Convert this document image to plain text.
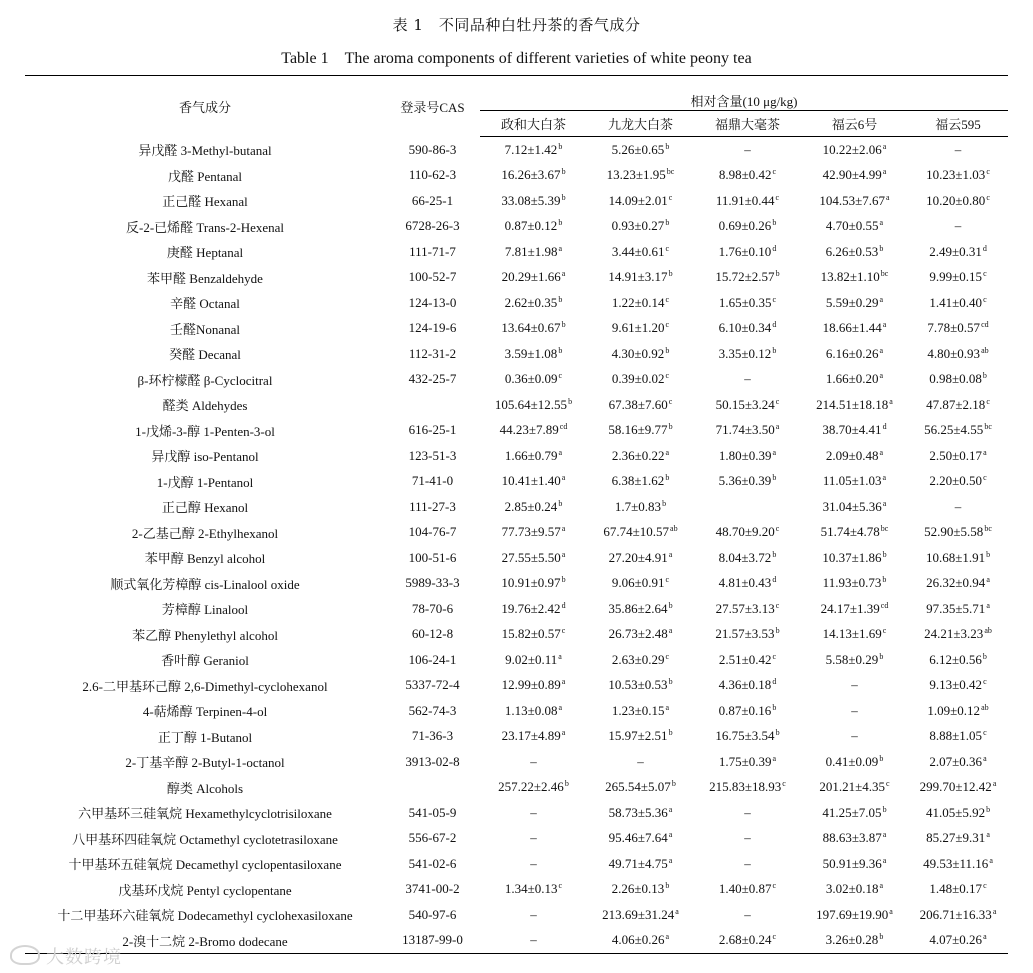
表 1　不同品种白牡丹茶的香气成分
Table 1　The aroma components of different varieties of white peony tea
香气成分	登录号CAS	相对含量(10 μg/kg)				
		政和大白茶	九龙大白茶	福鼎大毫茶	福云6号	福云595
异戊醛 3-Methyl-butanal	590-86-3	7.12±1.42$^b$	5.26±0.65$^b$	–	10.22±2.06$^a$	–
戊醛 Pentanal	110-62-3	16.26±3.67$^b$	13.23±1.95$^{bc}$	8.98±0.42$^c$	42.90±4.99$^a$	10.23±1.03$^c$
正己醛 Hexanal	66-25-1	33.08±5.39$^b$	14.09±2.01$^c$	11.91±0.44$^c$	104.53±7.67$^a$	10.20±0.80$^c$
反-2-已烯醛 Trans-2-Hexenal	6728-26-3	0.87±0.12$^b$	0.93±0.27$^b$	0.69±0.26$^b$	4.70±0.55$^a$	–
庚醛 Heptanal	111-71-7	7.81±1.98$^a$	3.44±0.61$^c$	1.76±0.10$^d$	6.26±0.53$^b$	2.49±0.31$^d$
苯甲醛 Benzaldehyde	100-52-7	20.29±1.66$^a$	14.91±3.17$^b$	15.72±2.57$^b$	13.82±1.10$^{bc}$	9.99±0.15$^c$
辛醛 Octanal	124-13-0	2.62±0.35$^b$	1.22±0.14$^c$	1.65±0.35$^c$	5.59±0.29$^a$	1.41±0.40$^c$
壬醛Nonanal	124-19-6	13.64±0.67$^b$	9.61±1.20$^c$	6.10±0.34$^d$	18.66±1.44$^a$	7.78±0.57$^{cd}$
癸醛 Decanal	112-31-2	3.59±1.08$^b$	4.30±0.92$^b$	3.35±0.12$^b$	6.16±0.26$^a$	4.80±0.93$^{ab}$
β-环柠檬醛 β-Cyclocitral	432-25-7	0.36±0.09$^c$	0.39±0.02$^c$	–	1.66±0.20$^a$	0.98±0.08$^b$
醛类 Aldehydes		105.64±12.55$^b$	67.38±7.60$^c$	50.15±3.24$^c$	214.51±18.18$^a$	47.87±2.18$^c$
1-戊烯-3-醇 1-Penten-3-ol	616-25-1	44.23±7.89$^{cd}$	58.16±9.77$^b$	71.74±3.50$^a$	38.70±4.41$^d$	56.25±4.55$^{bc}$
异戊醇 iso-Pentanol	123-51-3	1.66±0.79$^a$	2.36±0.22$^a$	1.80±0.39$^a$	2.09±0.48$^a$	2.50±0.17$^a$
1-戊醇 1-Pentanol	71-41-0	10.41±1.40$^a$	6.38±1.62$^b$	5.36±0.39$^b$	11.05±1.03$^a$	2.20±0.50$^c$
正己醇 Hexanol	111-27-3	2.85±0.24$^b$	1.7±0.83$^b$		31.04±5.36$^a$	–
2-乙基己醇 2-Ethylhexanol	104-76-7	77.73±9.57$^a$	67.74±10.57$^{ab}$	48.70±9.20$^c$	51.74±4.78$^{bc}$	52.90±5.58$^{bc}$
苯甲醇 Benzyl alcohol	100-51-6	27.55±5.50$^a$	27.20±4.91$^a$	8.04±3.72$^b$	10.37±1.86$^b$	10.68±1.91$^b$
顺式氧化芳樟醇 cis-Linalool oxide	5989-33-3	10.91±0.97$^b$	9.06±0.91$^c$	4.81±0.43$^d$	11.93±0.73$^b$	26.32±0.94$^a$
芳樟醇 Linalool	78-70-6	19.76±2.42$^d$	35.86±2.64$^b$	27.57±3.13$^c$	24.17±1.39$^{cd}$	97.35±5.71$^a$
苯乙醇 Phenylethyl alcohol	60-12-8	15.82±0.57$^c$	26.73±2.48$^a$	21.57±3.53$^b$	14.13±1.69$^c$	24.21±3.23$^{ab}$
香叶醇 Geraniol	106-24-1	9.02±0.11$^a$	2.63±0.29$^c$	2.51±0.42$^c$	5.58±0.29$^b$	6.12±0.56$^b$
2.6-二甲基环己醇 2,6-Dimethyl-cyclohexanol	5337-72-4	12.99±0.89$^a$	10.53±0.53$^b$	4.36±0.18$^d$	–	9.13±0.42$^c$
4-萜烯醇 Terpinen-4-ol	562-74-3	1.13±0.08$^a$	1.23±0.15$^a$	0.87±0.16$^b$	–	1.09±0.12$^{ab}$
正丁醇 1-Butanol	71-36-3	23.17±4.89$^a$	15.97±2.51$^b$	16.75±3.54$^b$	–	8.88±1.05$^c$
2-丁基辛醇 2-Butyl-1-octanol	3913-02-8	–	–	1.75±0.39$^a$	0.41±0.09$^b$	2.07±0.36$^a$
醇类 Alcohols		257.22±2.46$^b$	265.54±5.07$^b$	215.83±18.93$^c$	201.21±4.35$^c$	299.70±12.42$^a$
六甲基环三硅氧烷 Hexamethylcyclotrisiloxane	541-05-9	–	58.73±5.36$^a$	–	41.25±7.05$^b$	41.05±5.92$^b$
八甲基环四硅氧烷 Octamethyl cyclotetrasiloxane	556-67-2	–	95.46±7.64$^a$	–	88.63±3.87$^a$	85.27±9.31$^a$
十甲基环五硅氧烷 Decamethyl cyclopentasiloxane	541-02-6	–	49.71±4.75$^a$	–	50.91±9.36$^a$	49.53±11.16$^a$
戊基环戊烷 Pentyl cyclopentane	3741-00-2	1.34±0.13$^c$	2.26±0.13$^b$	1.40±0.87$^c$	3.02±0.18$^a$	1.48±0.17$^c$
十二甲基环六硅氧烷 Dodecamethyl cyclohexasiloxane	540-97-6	–	213.69±31.24$^a$	–	197.69±19.90$^a$	206.71±16.33$^a$
2-溴十二烷 2-Bromo dodecane	13187-99-0	–	4.06±0.26$^a$	2.68±0.24$^c$	3.26±0.28$^b$	4.07±0.26$^a$
大数跨境
